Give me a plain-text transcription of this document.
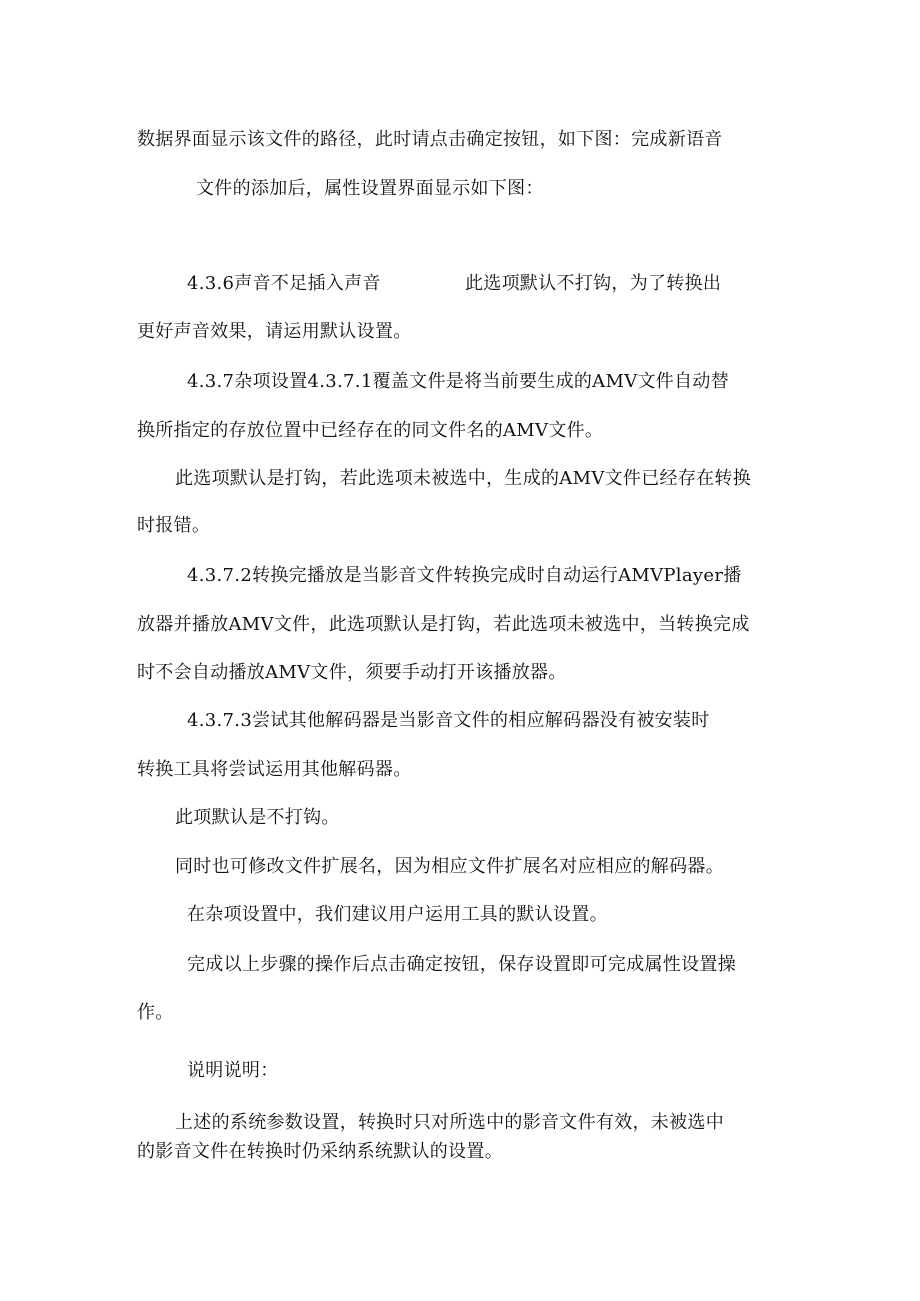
数据界面显示该文件的路径，此时请点击确定按钮，如下图：完成新语音
文件的添加后，属性设置界面显示如下图：
4.3.6声音不足插入声音	此选项默认不打钩，为了转换出
更好声音效果，请运用默认设置。
4.3.7杂项设置4.3.7.1覆盖文件是将当前要生成的AMV文件自动替
换所指定的存放位置中已经存在的同文件名的AMV文件。
此选项默认是打钩，若此选项未被选中，生成的AMV文件已经存在转换
时报错。
4.3.7.2转换完播放是当影音文件转换完成时自动运行AMVPlayer播
放器并播放AMV文件，此选项默认是打钩，若此选项未被选中，当转换完成
时不会自动播放AMV文件，须要手动打开该播放器。
4.3.7.3尝试其他解码器是当影音文件的相应解码器没有被安装时
转换工具将尝试运用其他解码器。
此项默认是不打钩。
同时也可修改文件扩展名，因为相应文件扩展名对应相应的解码器。
在杂项设置中，我们建议用户运用工具的默认设置。
完成以上步骤的操作后点击确定按钮，保存设置即可完成属性设置操
作。
说明说明：
上述的系统参数设置，转换时只对所选中的影音文件有效，未被选中
的影音文件在转换时仍采纳系统默认的设置。
